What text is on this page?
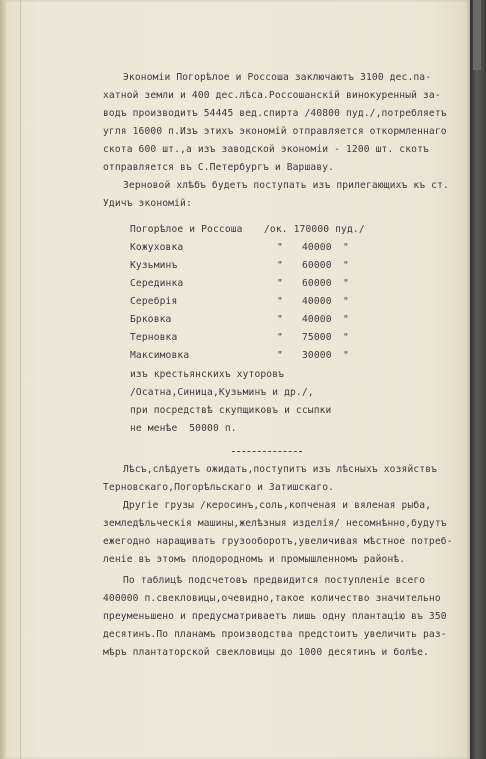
Экономiи Погорѣлое и Россоша заключаютъ 3100 дес.па-
хатной земли и 400 дес.лѣса.Россошанскiй винокуренный за-
водъ производитъ 54445 вед.спирта /40800 пуд./,потребляетъ
угля 16000 п.Изъ этихъ экономiй отправляется откормленнаго
скота 600 шт.,а изъ заводской экономiи - 1200 шт. скотъ
отправляется въ С.Петербургъ и Варшаву.
Зерновой хлѣбъ будетъ поступать изъ прилегающихъ къ ст.
Удичъ экономiй:
Погорѣлое и Россоша /ок. 170000 пуд./
Кожуховка	" 40000 "
Кузьминъ	" 60000 "
Серединка	" 60000 "
Серебрiя	" 40000 "
Брковка	" 40000 "
Терновка	" 75000 "
Максимовка	" 30000 "
изъ крестьянскихъ хуторовъ
/Осатна,Синица,Кузьминъ и др./,
при посредствѣ скупщиковъ и ссыпки
не менѣе  50000 п.
Лѣсъ,слѣдуетъ ожидать,поступитъ изъ лѣсныхъ хозяйствъ
Терновскаго,Погорѣльскаго и Затишскаго.
Другiе грузы /керосинъ,соль,копченая и вяленая рыба,
земледѣльческiя машины,желѣзныя изделiя/ несомнѣнно,будутъ
ежегодно наращивать грузооборотъ,увеличивая мѣстное потреб-
ленiе въ этомъ плодородномъ и промышленномъ районѣ.
По таблицѣ подсчетовъ предвидится поступленiе всего
400000 п.свекловицы,очевидно,такое количество значительно
преуменьшено и предусматриваетъ лишь одну плантацiю въ 350
десятинъ.По планамъ производства предстоитъ увеличить раз-
мѣръ плантаторской свекловицы до 1000 десятинъ и болѣе.
